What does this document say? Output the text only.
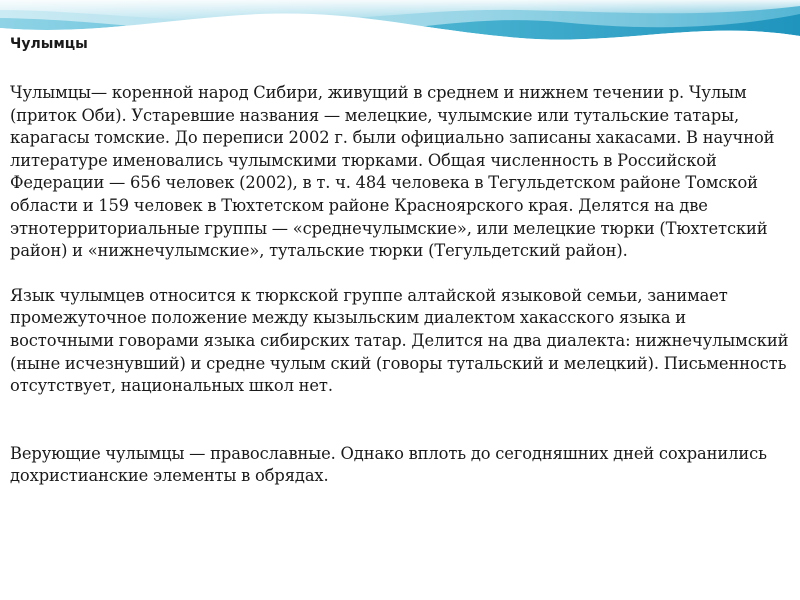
Чулымцы

Чулымцы— коренной народ Сибири, живущий в среднем и нижнем течении р. Чулым (приток Оби). Устаревшие названия — мелецкие, чулымские или тутальские татары, карагасы томские. До переписи 2002 г. были официально записаны хакасами. В научной литературе именовались чулымскими тюрками. Общая численность в Российской Федерации — 656 человек (2002), в т. ч. 484 человека в Тегульдетском районе Томской области и 159 человек в Тюхтетском районе Красноярского края. Делятся на две этнотерриториальные группы — «среднечулымские», или мелецкие тюрки (Тюхтетский район) и «нижнечулымские», тутальские тюрки (Тегульдетский район).

Язык чулымцев относится к тюркской группе алтайской языковой семьи, занимает промежуточное положение между кызыльским диалектом хакасского языка и восточными говорами языка сибирских татар. Делится на два диалекта: нижнечулымский (ныне исчезнувший) и средне чулым ский (говоры тутальский и мелецкий). Письменность отсутствует, национальных школ нет.

Верующие чулымцы — православные. Однако вплоть до сегодняшних дней сохранились дохристианские элементы в обрядах.
